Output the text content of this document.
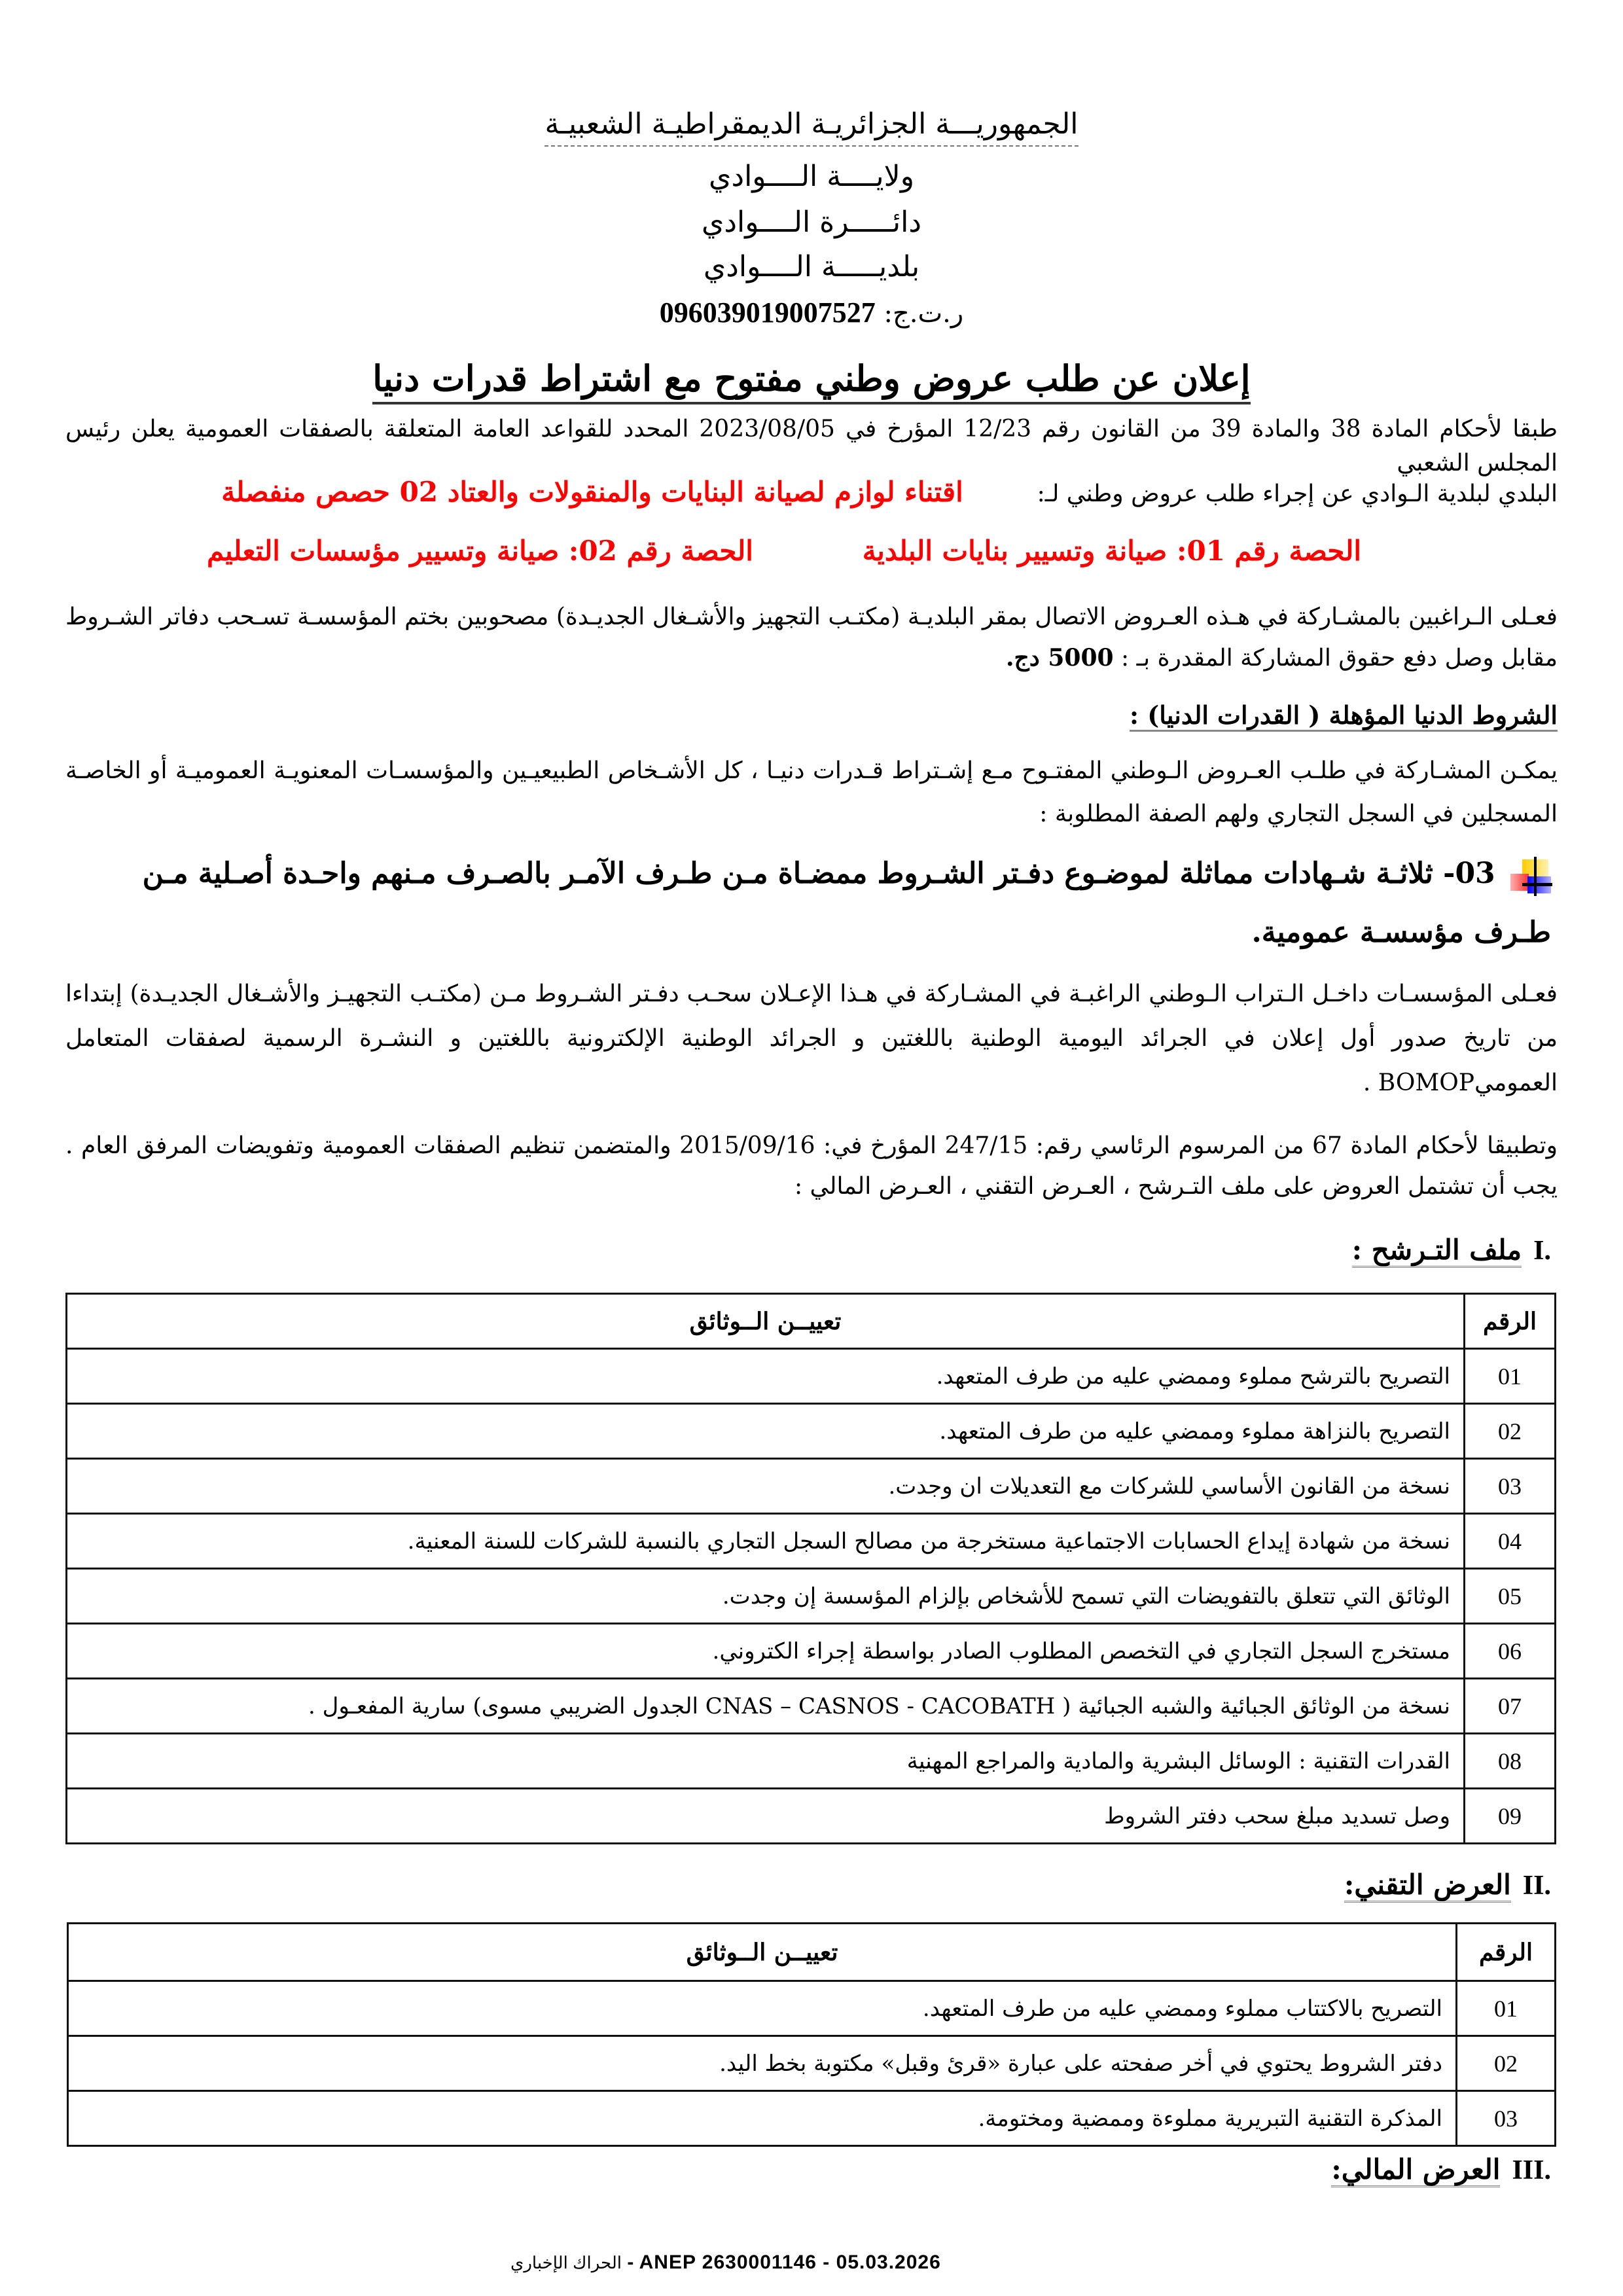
الجمهوريـــة الجزائريـة الديمقراطيـة الشعبيـة
ولايــــة الــــوادي
دائـــــرة الــــوادي
بلديـــــة الــــوادي
ر.ت.ج: 096039019007527
إعلان عن طلب عروض وطني مفتوح مع اشتراط قدرات دنيا
طبقا لأحكام المادة 38 والمادة 39 من القانون رقم 12/23 المؤرخ في 2023/08/05 المحدد للقواعد العامة المتعلقة بالصفقات العمومية يعلن رئيس المجلس الشعبي
البلدي لبلدية الـوادي عن إجراء طلب عروض وطني لـ:  اقتناء لوازم لصيانة البنايات والمنقولات والعتاد 02 حصص منفصلة
الحصة رقم 01: صيانة وتسيير بنايات البلدية  الحصة رقم 02: صيانة وتسيير مؤسسات التعليم
فعـلى الـراغبين بالمشـاركة في هـذه العـروض الاتصال بمقر البلديـة (مكتـب التجهيز والأشـغال الجديـدة) مصحوبين بختم المؤسسـة تسـحب دفاتر الشـروط مقابل وصل دفع حقوق المشاركة المقدرة بـ : 5000 دج.
الشروط الدنيا المؤهلة ( القدرات الدنيا) :
يمكـن المشـاركة في طلـب العـروض الـوطني المفتـوح مـع إشـتراط قـدرات دنيـا ، كل الأشـخاص الطبيعيـين والمؤسسـات المعنويـة العموميـة أو الخاصـة المسجلين في السجل التجاري ولهم الصفة المطلوبة :
03- ثلاثـة شـهادات مماثلة لموضـوع دفـتر الشـروط ممضـاة مـن طـرف الآمـر بالصـرف مـنهم واحـدة أصـلية مـن طـرف مؤسسـة عمومية.
فعـلى المؤسسـات داخـل الـتراب الـوطني الراغبـة في المشـاركة في هـذا الإعـلان سحـب دفـتر الشـروط مـن (مكتـب التجهيـز والأشـغال الجديـدة) إبتداءا من تاريخ صدور أول إعلان في الجرائد اليومية الوطنية باللغتين و الجرائد الوطنية الإلكترونية باللغتين و النشـرة الرسمية لصفقات المتعامل العموميBOMOP .
وتطبيقا لأحكام المادة 67 من المرسوم الرئاسي رقم: 247/15 المؤرخ في: 2015/09/16 والمتضمن تنظيم الصفقات العمومية وتفويضات المرفق العام . يجب أن تشتمل العروض على ملف التـرشح ، العـرض التقني ، العـرض المالي :
I.ملف التـرشح :
الرقم	تعييــن الــوثائق
01	التصريح بالترشح مملوء وممضي عليه من طرف المتعهد.
02	التصريح بالنزاهة مملوء وممضي عليه من طرف المتعهد.
03	نسخة من القانون الأساسي للشركات مع التعديلات ان وجدت.
04	نسخة من شهادة إيداع الحسابات الاجتماعية مستخرجة من مصالح السجل التجاري بالنسبة للشركات للسنة المعنية.
05	الوثائق التي تتعلق بالتفويضات التي تسمح للأشخاص بإلزام المؤسسة إن وجدت.
06	مستخرج السجل التجاري في التخصص المطلوب الصادر بواسطة إجراء الكتروني.
07	نسخة من الوثائق الجبائية والشبه الجبائية ( CNAS – CASNOS - CACOBATH الجدول الضريبي مسوى) سارية المفعـول .
08	القدرات التقنية : الوسائل البشرية والمادية والمراجع المهنية
09	وصل تسديد مبلغ سحب دفتر الشروط
II.العرض التقني:
الرقم	تعييــن الــوثائق
01	التصريح بالاكتتاب مملوء وممضي عليه من طرف المتعهد.
02	دفتر الشروط يحتوي في أخر صفحته على عبارة «قرئ وقبل» مكتوبة بخط اليد.
03	المذكرة التقنية التبريرية مملوءة وممضية ومختومة.
III.العرض المالي:
الحراك الإخباري - ANEP 2630001146 - 05.03.2026
